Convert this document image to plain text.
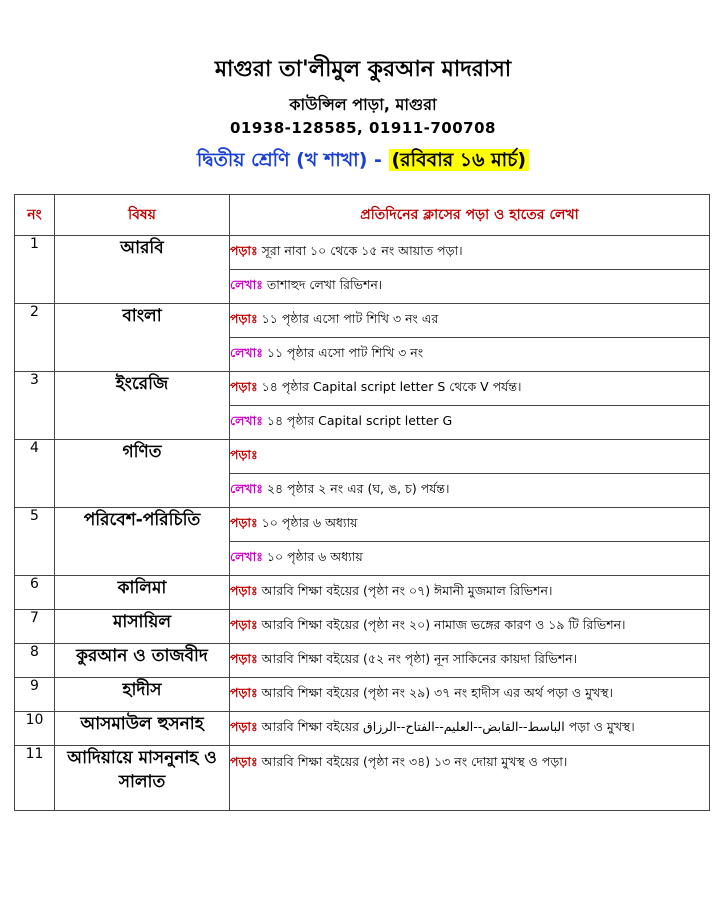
মাগুরা তা'লীমুল কুরআন মাদরাসা
কাউন্সিল পাড়া, মাগুরা
01938-128585, 01911-700708
দ্বিতীয় শ্রেণি (খ শাখা) - (রবিবার ১৬ মার্চ)
নং	বিষয়	প্রতিদিনের ক্লাসের পড়া ও হাতের লেখা
1	আরবি	পড়াঃ সূরা নাবা ১০ থেকে ১৫ নং আয়াত পড়া।
		লেখাঃ তাশাহুদ লেখা রিভিশন।
2	বাংলা	পড়াঃ ১১ পৃষ্ঠার এসো পাট শিখি ৩ নং এর
		লেখাঃ ১১ পৃষ্ঠার এসো পাট শিখি ৩ নং
3	ইংরেজি	পড়াঃ ১৪ পৃষ্ঠার Capital script letter S থেকে V পর্যন্ত।
		লেখাঃ ১৪ পৃষ্ঠার Capital script letter G
4	গণিত	পড়াঃ
		লেখাঃ ২৪ পৃষ্ঠার ২ নং এর (ঘ, ঙ, চ) পর্যন্ত।
5	পরিবেশ-পরিচিতি	পড়াঃ ১০ পৃষ্ঠার ৬ অধ্যায়
		লেখাঃ ১০ পৃষ্ঠার ৬ অধ্যায়
6	কালিমা	পড়াঃ আরবি শিক্ষা বইয়ের (পৃষ্ঠা নং ০৭) ঈমানী মুজমাল রিভিশন।
7	মাসায়িল	পড়াঃ আরবি শিক্ষা বইয়ের (পৃষ্ঠা নং ২০) নামাজ ভঙ্গের কারণ ও ১৯ টি রিভিশন।
8	কুরআন ও তাজবীদ	পড়াঃ আরবি শিক্ষা বইয়ের (৫২ নং পৃষ্ঠা) নূন সাকিনের কায়দা রিভিশন।
9	হাদীস	পড়াঃ আরবি শিক্ষা বইয়ের (পৃষ্ঠা নং ২৯) ৩৭ নং হাদীস এর অর্থ পড়া ও মুখস্থ।
10	আসমাউল হুসনাহ	পড়াঃ আরবি শিক্ষা বইয়ের الباسط--القابض--العليم--الفتاح--الرزاق পড়া ও মুখস্থ।
11	আদিয়ায়ে মাসনুনাহ ও সালাত	পড়াঃ আরবি শিক্ষা বইয়ের (পৃষ্ঠা নং ৩৪) ১৩ নং দোয়া মুখস্থ ও পড়া।
